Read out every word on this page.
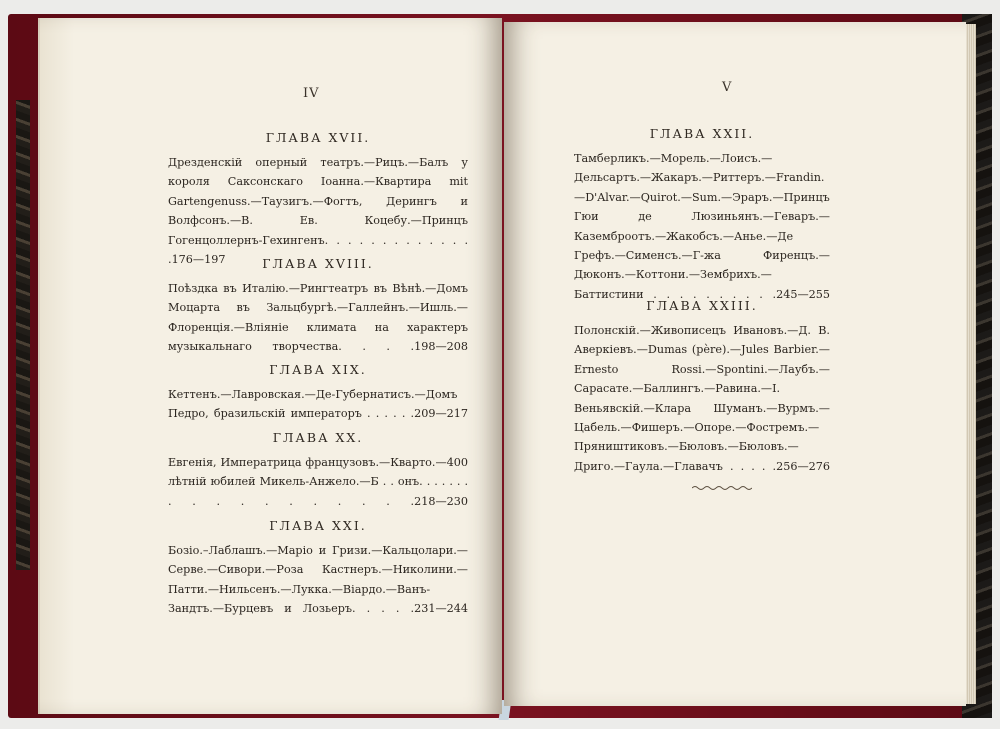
IV

ГЛАВА XVII.

Дрезденскій оперный театръ.—Рицъ.—Балъ у короля Саксонскаго Іоанна.—Квартира mit Gartengenuss.—Таузигъ.—Фогтъ, Дерингъ и Волфсонъ.—В. Ев. Коцебу.—Принцъ Гогенцоллернъ-Гехингенъ. . . . . . . . . . . . . .176—197	ГЛАВА XVIII.

Поѣздка въ Италію.—Рингтеатръ въ Вѣнѣ.—Домъ Моцарта въ Зальцбургѣ.—Галлейнъ.—Ишль.—Флоренція.—Вліяніе климата на характеръ музыкальнаго творчества. . . .198—208

ГЛАВА XIX.

Кеттенъ.—Лавровская.—Де-Губернатисъ.—Домъ Педро, бразильскій императоръ . . . . . .209—217

ГЛАВА XX.

Евгенія, Императрица французовъ.—Кварто.—400 лѣтній юбилей Микель-Анжело.—Б . . онъ. . . . . . . . . . . . . . . . . .218—230

ГЛАВА XXI.

Бозіо.–Лаблашъ.—Маріо и Гризи.—Кальцолари.—Серве.—Сивори.—Роза Кастнеръ.—Николини.—Патти.—Нильсенъ.—Лукка.—Віардо.—Ванъ-Зандтъ.—Бурцевъ и Лозьеръ. . . . .231—244

V

ГЛАВА XXII.

Тамберликъ.—Морель.—Лоисъ.—Дельсартъ.—Жакаръ.—Риттеръ.—Frandin.—D'Alvar.—Quirot.—Sum.—Эраръ.—Принцъ Гюи де Люзиньянъ.—Геваръ.—Каземброотъ.—Жакобсъ.—Анье.—Де Грефъ.—Сименсъ.—Г-жа Фиренцъ.—Дюконъ.—Коттони.—Зембрихъ.—Баттистини . . . . . . . . . .245—255

ГЛАВА XXIII.

Полонскій.—Живописецъ Ивановъ.—Д. В. Аверкіевъ.—Dumas (père).—Jules Barbier.—Ernesto Rossi.—Spontini.—Лаубъ.—Сарасате.—Баллингъ.—Равина.—І. Веньявскій.—Клара Шуманъ.—Вурмъ.—Цабель.—Фишеръ.—Опоре.—Фостремъ.—Пряништиковъ.—Бюловъ.—Бюловъ.—Дриго.—Гаула.—Главачъ . . . . .256—276
